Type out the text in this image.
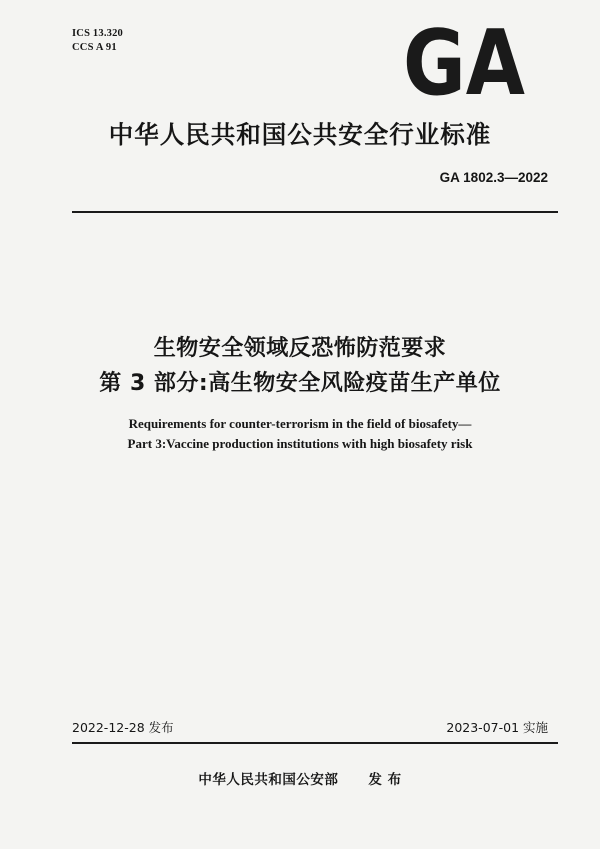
ICS 13.320
CCS A 91	GA
中华人民共和国公共安全行业标准
GA 1802.3—2022
生物安全领域反恐怖防范要求
第 3 部分:高生物安全风险疫苗生产单位
Requirements for counter-terrorism in the field of biosafety—
Part 3:Vaccine production institutions with high biosafety risk
2022-12-28 发布	2023-07-01 实施
中华人民共和国公安部 发 布
